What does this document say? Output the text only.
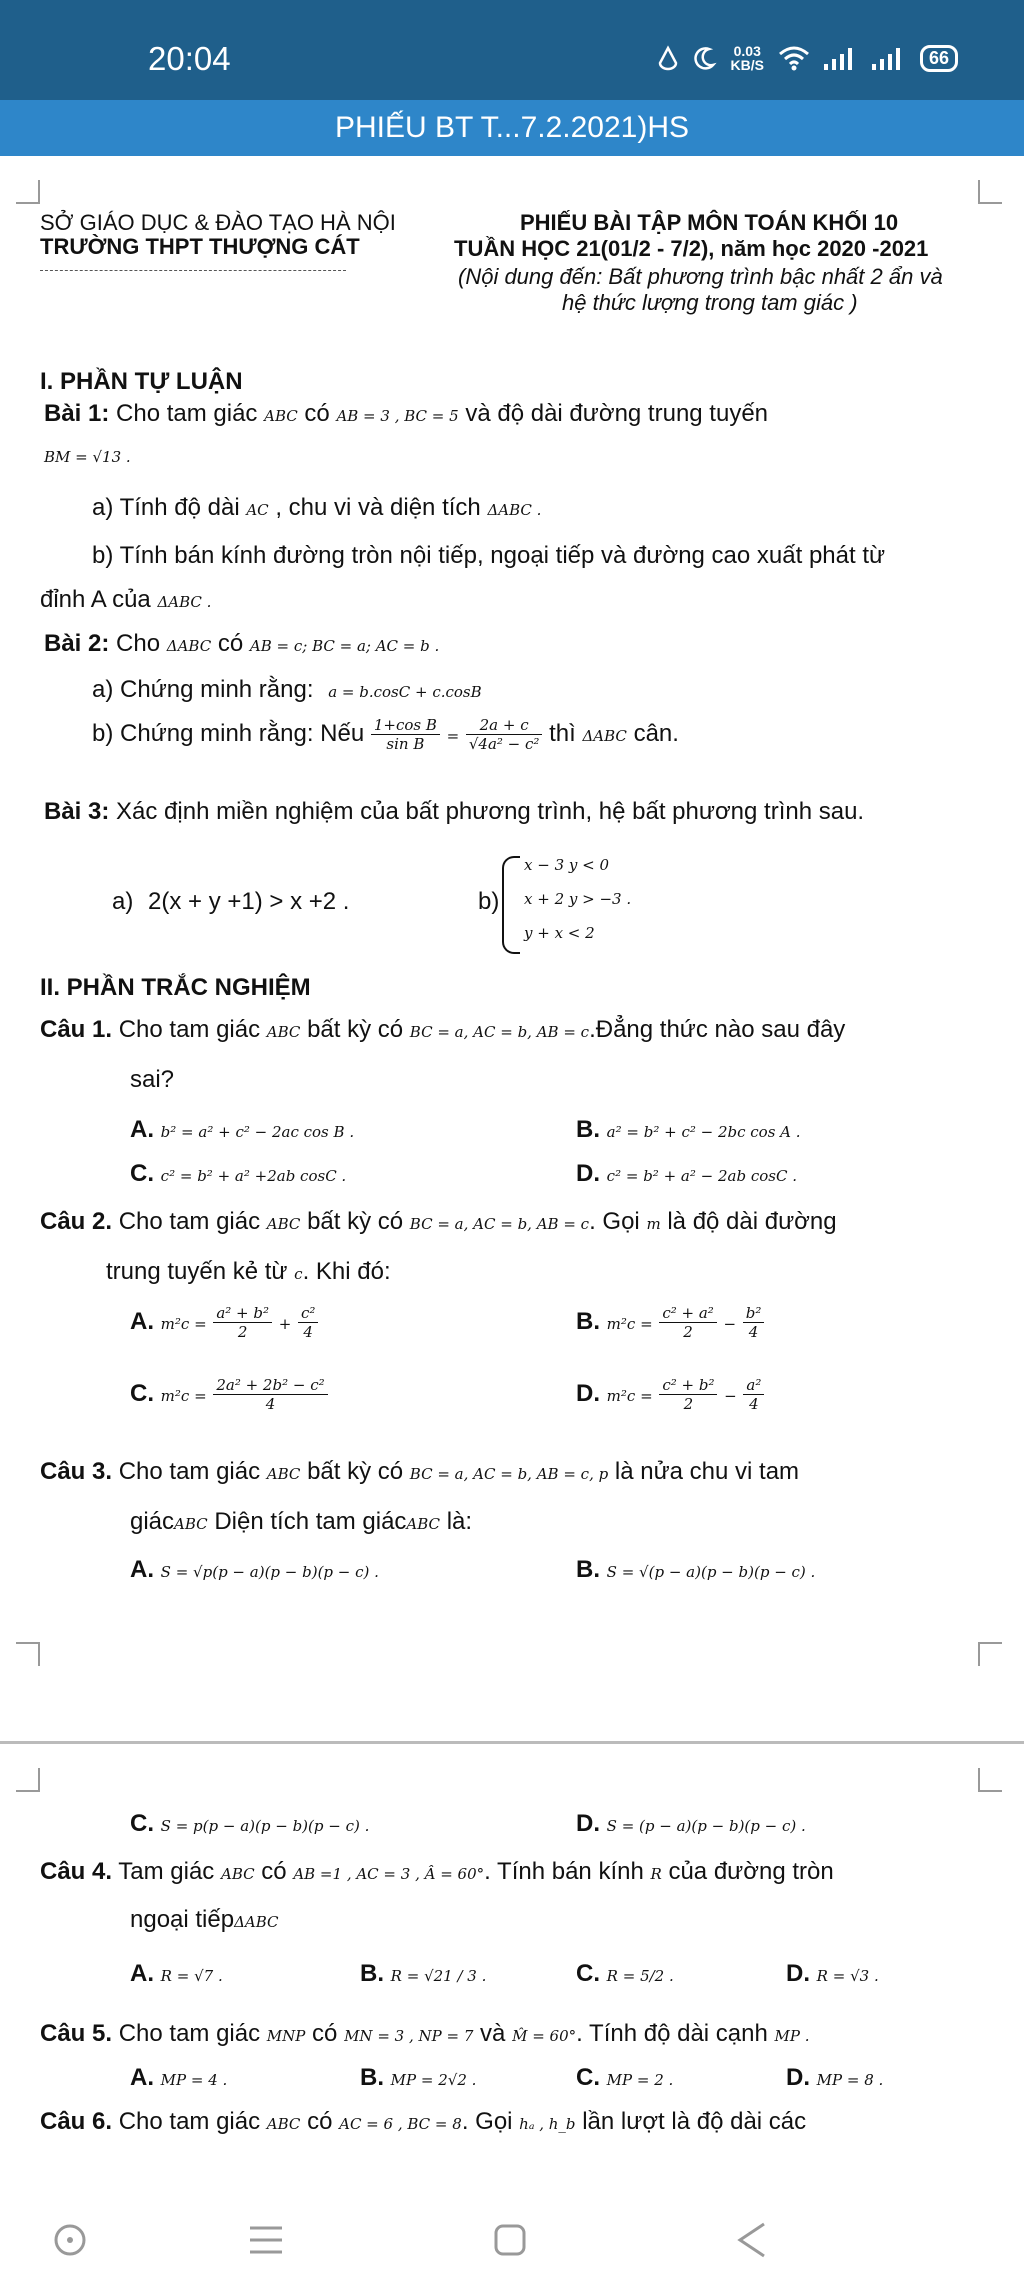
20:04	0.03
KB/S	66
PHIẾU BT T...7.2.2021)HS
SỞ GIÁO DỤC & ĐÀO TẠO HÀ NỘI
TRƯỜNG THPT THƯỢNG CÁT
PHIẾU BÀI TẬP MÔN TOÁN KHỐI 10
TUẦN HỌC 21(01/2 - 7/2), năm học 2020 -2021
(Nội dung đến: Bất phương trình bậc nhất 2 ẩn và
hệ thức lượng trong tam giác )
I. PHẦN TỰ LUẬN
Bài 1: Cho tam giác ABC có AB = 3 , BC = 5 và độ dài đường trung tuyến
BM = √13 .
a) Tính độ dài AC , chu vi và diện tích ΔABC .
b) Tính bán kính đường tròn nội tiếp, ngoại tiếp và đường cao xuất phát từ
đỉnh A của ΔABC .
Bài 2: Cho ΔABC có AB = c; BC = a; AC = b .
a) Chứng minh rằng: a = b.cosC + c.cosB
b) Chứng minh rằng: Nếu $\frac{\text{1+cos B}}{\text{sin B}} = \frac{2a + c}{\text{√4a² − c²}}$ thì ΔABC cân.
Bài 3: Xác định miền nghiệm của bất phương trình, hệ bất phương trình sau.
a) 2(x + y +1) > x +2 .	b)
x − 3 y < 0
x + 2 y > −3 .
y + x < 2
II. PHẦN TRẮC NGHIỆM
Câu 1. Cho tam giác ABC bất kỳ có BC = a, AC = b, AB = c.Đẳng thức nào sau đây
sai?
A. b² = a² + c² − 2ac cos B .	B. a² = b² + c² − 2bc cos A .
C. c² = b² + a² +2ab cosC .	D. c² = b² + a² − 2ab cosC .
Câu 2. Cho tam giác ABC bất kỳ có BC = a, AC = b, AB = c. Gọi m là độ dài đường
trung tuyến kẻ từ c. Khi đó:
A. $m^2c = \frac{\text{a² + b²}}{2} + \frac{\text{c²}}{4}$	B. $m^2c = \frac{\text{c² + a²}}{2} - \frac{\text{b²}}{4}$
C. $m^2c = \frac{\text{2a² + 2b² − c²}}{4}$	D. $m^2c = \frac{\text{c² + b²}}{2} - \frac{\text{a²}}{4}$
Câu 3. Cho tam giác ABC bất kỳ có BC = a, AC = b, AB = c, p là nửa chu vi tam
giácABC Diện tích tam giácABC là:
A. S = √p(p − a)(p − b)(p − c) .	B. S = √(p − a)(p − b)(p − c) .
C. S = p(p − a)(p − b)(p − c) .	D. S = (p − a)(p − b)(p − c) .
Câu 4. Tam giác ABC có AB =1 , AC = 3 , Â = 60°. Tính bán kính R của đường tròn
ngoại tiếpΔABC
A. R = √7 .	B. R = √21 / 3 .	C. R = 5/2 .	D. R = √3 .
Câu 5. Cho tam giác MNP có MN = 3 , NP = 7 và M̂ = 60°. Tính độ dài cạnh MP .
A. MP = 4 .	B. MP = 2√2 .	C. MP = 2 .	D. MP = 8 .
Câu 6. Cho tam giác ABC có AC = 6 , BC = 8. Gọi hₐ , h_b lần lượt là độ dài các
